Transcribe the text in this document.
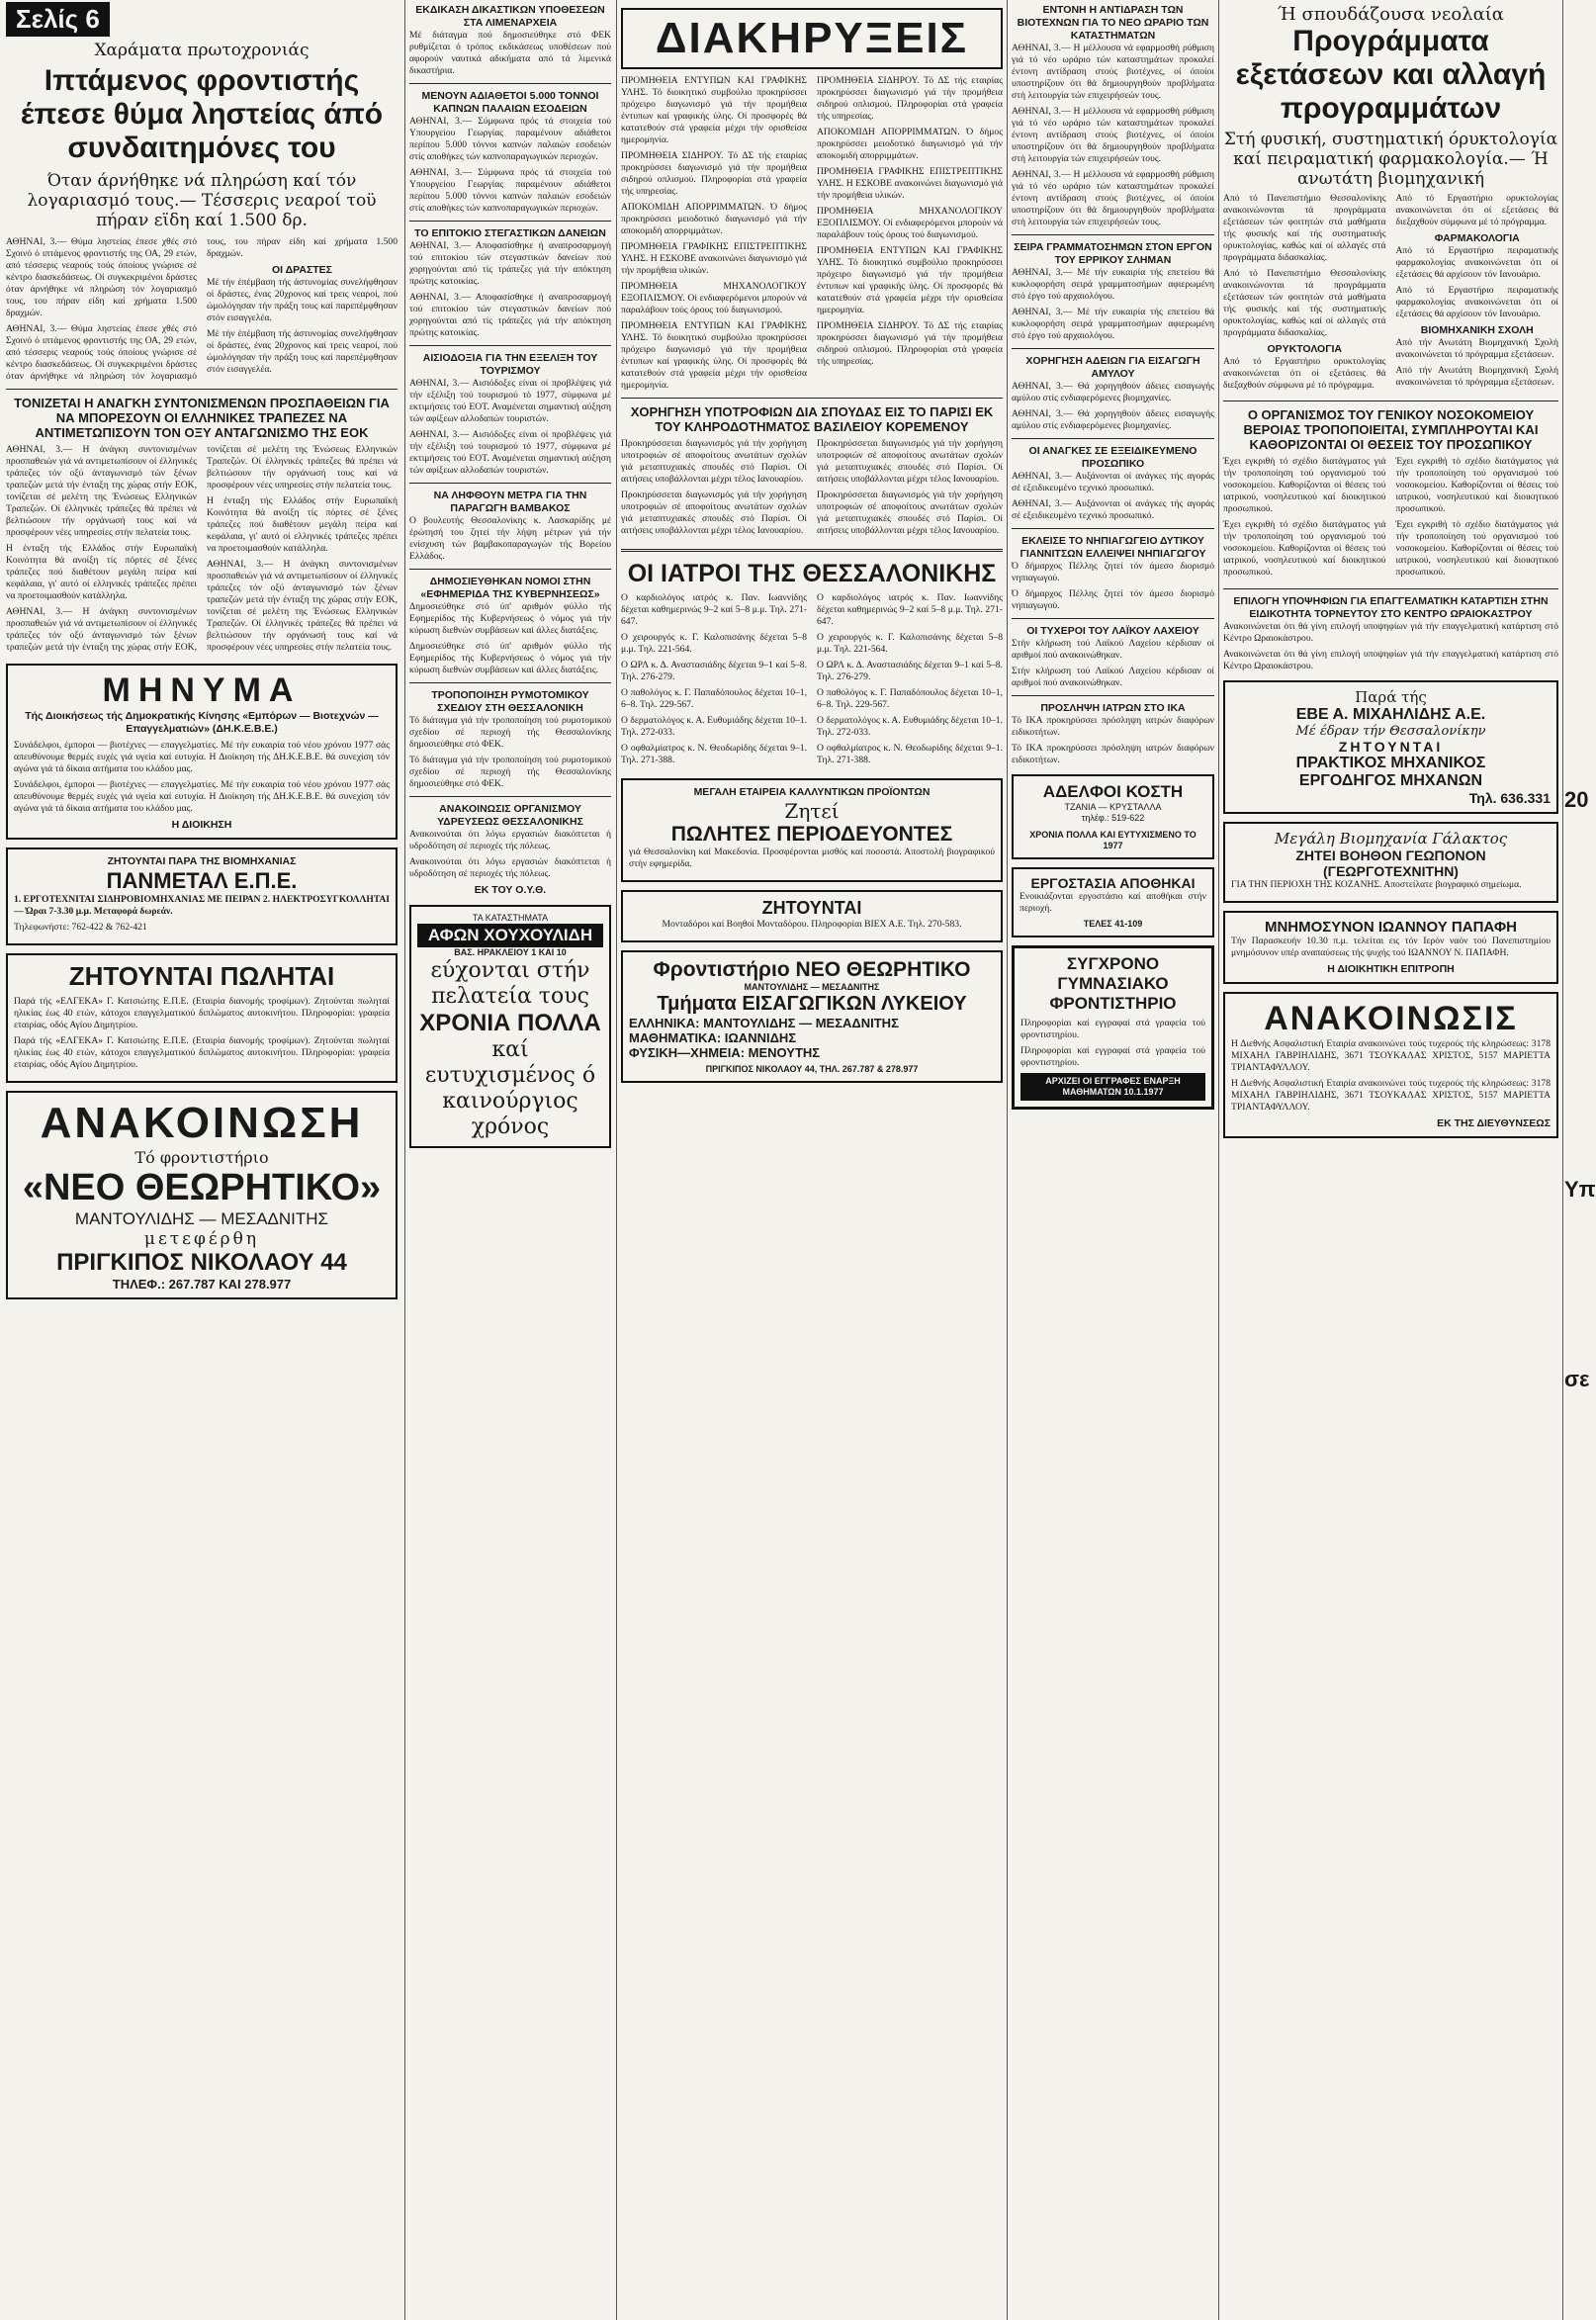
Σελίς 6
Χαράματα πρωτοχρονιάς
Ιπτάμενος φροντιστής έπεσε θύμα ληστείας άπό συνδαιτημόνες του
Όταν άρνήθηκε νά πληρώση καί τόν λογαριασμό τους.— Τέσσερις νεαροί τοϋ πήραν εϊδη καί 1.500 δρ.

ΑΘΗΝΑΙ, 3.— Θύμα ληστείας έπεσε χθές στό Σχοινό ό ιπτάμενος φροντιστής της ΟΑ, 29 ετών, από τέσσερις νεαρούς τούς όποίους γνώρισε σέ κέντρο διασκεδάσεως. Οί συγκεκριμένοι δράστες όταν άρνήθηκε νά πληρώση τόν λογαριασμό τους, του πήραν είδη καί χρήματα 1.500 δραχμών.

ΑΘΗΝΑΙ, 3.— Θύμα ληστείας έπεσε χθές στό Σχοινό ό ιπτάμενος φροντιστής της ΟΑ, 29 ετών, από τέσσερις νεαρούς τούς όποίους γνώρισε σέ κέντρο διασκεδάσεως. Οί συγκεκριμένοι δράστες όταν άρνήθηκε νά πληρώση τόν λογαριασμό τους, του πήραν είδη καί χρήματα 1.500 δραχμών.

ΟΙ ΔΡΑΣΤΕΣ

Μέ τήν έπέμβαση τής άστυνομίας συνελήφθησαν οί δράστες, ένας 20χρονος καί τρεις νεαροί, πού ώμολόγησαν τήν πράξη τους καί παρεπέμφθησαν στόν εισαγγελέα.

Μέ τήν έπέμβαση τής άστυνομίας συνελήφθησαν οί δράστες, ένας 20χρονος καί τρεις νεαροί, πού ώμολόγησαν τήν πράξη τους καί παρεπέμφθησαν στόν εισαγγελέα.

ΤΟΝΙΖΕΤΑΙ Η ΑΝΑΓΚΗ ΣΥΝΤΟΝΙΣΜΕΝΩΝ ΠΡΟΣΠΑΘΕΙΩΝ ΓΙΑ ΝΑ ΜΠΟΡΕΣΟΥΝ ΟΙ ΕΛΛΗΝΙΚΕΣ ΤΡΑΠΕΖΕΣ ΝΑ ΑΝΤΙΜΕΤΩΠΙΣΟΥΝ ΤΟΝ ΟΞΥ ΑΝΤΑΓΩΝΙΣΜΟ ΤΗΣ ΕΟΚ

ΑΘΗΝΑΙ, 3.— Η άνάγκη συντονισμένων προσπαθειών γιά νά αντιμετωπίσουν οί έλληνικές τράπεζες τόν οξύ άνταγωνισμό τών ξένων τραπεζών μετά τήν ένταξη της χώρας στήν ΕΟΚ, τονίζεται σέ μελέτη της Ένώσεως Ελληνικών Τραπεζών. Οί έλληνικές τράπεζες θά πρέπει νά βελτιώσουν τήν οργάνωσή τους καί νά προσφέρουν νέες υπηρεσίες στήν πελατεία τους.

Η ένταξη τής Ελλάδος στήν Ευρωπαϊκή Κοινότητα θά ανοίξη τίς πόρτες σέ ξένες τράπεζες πού διαθέτουν μεγάλη πείρα καί κεφάλαια, γι' αυτό οί ελληνικές τράπεζες πρέπει να προετοιμασθούν κατάλληλα.

ΑΘΗΝΑΙ, 3.— Η άνάγκη συντονισμένων προσπαθειών γιά νά αντιμετωπίσουν οί έλληνικές τράπεζες τόν οξύ άνταγωνισμό τών ξένων τραπεζών μετά τήν ένταξη της χώρας στήν ΕΟΚ, τονίζεται σέ μελέτη της Ένώσεως Ελληνικών Τραπεζών. Οί έλληνικές τράπεζες θά πρέπει νά βελτιώσουν τήν οργάνωσή τους καί νά προσφέρουν νέες υπηρεσίες στήν πελατεία τους.

Η ένταξη τής Ελλάδος στήν Ευρωπαϊκή Κοινότητα θά ανοίξη τίς πόρτες σέ ξένες τράπεζες πού διαθέτουν μεγάλη πείρα καί κεφάλαια, γι' αυτό οί ελληνικές τράπεζες πρέπει να προετοιμασθούν κατάλληλα.

ΑΘΗΝΑΙ, 3.— Η άνάγκη συντονισμένων προσπαθειών γιά νά αντιμετωπίσουν οί έλληνικές τράπεζες τόν οξύ άνταγωνισμό τών ξένων τραπεζών μετά τήν ένταξη της χώρας στήν ΕΟΚ, τονίζεται σέ μελέτη της Ένώσεως Ελληνικών Τραπεζών. Οί έλληνικές τράπεζες θά πρέπει νά βελτιώσουν τήν οργάνωσή τους καί νά προσφέρουν νέες υπηρεσίες στήν πελατεία τους.

ΜΗΝΥΜΑ
Τής Διοικήσεως τής Δημοκρατικής Κίνησης «Εμπόρων — Βιοτεχνών — Επαγγελματιών» (ΔΗ.Κ.Ε.Β.Ε.)

Συνάδελφοι, έμποροι — βιοτέχνες — επαγγελματίες. Μέ τήν ευκαιρία τού νέου χρόνου 1977 σάς απευθύνουμε θερμές ευχές γιά υγεία καί ευτυχία. Η Διοίκηση τής ΔΗ.Κ.Ε.Β.Ε. θά συνεχίση τόν αγώνα γιά τά δίκαια αιτήματα του κλάδου μας.

Συνάδελφοι, έμποροι — βιοτέχνες — επαγγελματίες. Μέ τήν ευκαιρία τού νέου χρόνου 1977 σάς απευθύνουμε θερμές ευχές γιά υγεία καί ευτυχία. Η Διοίκηση τής ΔΗ.Κ.Ε.Β.Ε. θά συνεχίση τόν αγώνα γιά τά δίκαια αιτήματα του κλάδου μας.

Η ΔΙΟΙΚΗΣΗ
ΖΗΤΟΥΝΤΑΙ ΠΑΡΑ ΤΗΣ ΒΙΟΜΗΧΑΝΙΑΣ
ΠΑΝΜΕΤΑΛ Ε.Π.Ε.

1. ΕΡΓΟΤΕΧΝΙΤΑΙ ΣΙΔΗΡΟΒΙΟΜΗΧΑΝΙΑΣ ΜΕ ΠΕΙΡΑΝ 2. ΗΛΕΚΤΡΟΣΥΓΚΟΛΛΗΤΑΙ — Ώραι 7-3.30 μ.μ. Μεταφορά δωρεάν.

Τηλεφωνήστε: 762-422 & 762-421

ΖΗΤΟΥΝΤΑΙ ΠΩΛΗΤΑΙ

Παρά τής «ΕΛΓΕΚΑ» Γ. Κατσιώτης Ε.Π.Ε. (Εταιρία διανομής τροφίμων). Ζητούνται πωληταί ηλικίας έως 40 ετών, κάτοχοι επαγγελματικού διπλώματος αυτοκινήτου. Πληροφορίαι: γραφεία εταιρίας, οδός Αγίου Δημητρίου.

Παρά τής «ΕΛΓΕΚΑ» Γ. Κατσιώτης Ε.Π.Ε. (Εταιρία διανομής τροφίμων). Ζητούνται πωληταί ηλικίας έως 40 ετών, κάτοχοι επαγγελματικού διπλώματος αυτοκινήτου. Πληροφορίαι: γραφεία εταιρίας, οδός Αγίου Δημητρίου.

ΑΝΑΚΟΙΝΩΣΗ
Τό φροντιστήριο
«ΝΕΟ ΘΕΩΡΗΤΙΚΟ»
ΜΑΝΤΟΥΛΙΔΗΣ — ΜΕΣΑΔΝΙΤΗΣ
μετεφέρθη
ΠΡΙΓΚΙΠΟΣ ΝΙΚΟΛΑΟΥ 44
ΤΗΛΕΦ.: 267.787 ΚΑΙ 278.977
ΕΚΔΙΚΑΣΗ ΔΙΚΑΣΤΙΚΩΝ ΥΠΟΘΕΣΕΩΝ ΣΤΑ ΛΙΜΕΝΑΡΧΕΙΑ

Μέ διάταγμα πού δημοσιεύθηκε στό ΦΕΚ ρυθμίζεται ό τρόπος εκδικάσεως υποθέσεων πού αφορούν ναυτικά αδικήματα από τά λιμενικά δικαστήρια.

ΜΕΝΟΥΝ ΑΔΙΑΘΕΤΟΙ 5.000 ΤΟΝΝΟΙ ΚΑΠΝΩΝ ΠΑΛΑΙΩΝ ΕΣΟΔΕΙΩΝ

ΑΘΗΝΑΙ, 3.— Σύμφωνα πρός τά στοιχεία τού Υπουργείου Γεωργίας παραμένουν αδιάθετοι περίπου 5.000 τόννοι καπνών παλαιών εσοδειών στίς αποθήκες τών καπνοπαραγωγικών περιοχών.

ΑΘΗΝΑΙ, 3.— Σύμφωνα πρός τά στοιχεία τού Υπουργείου Γεωργίας παραμένουν αδιάθετοι περίπου 5.000 τόννοι καπνών παλαιών εσοδειών στίς αποθήκες τών καπνοπαραγωγικών περιοχών.

ΤΟ ΕΠΙΤΟΚΙΟ ΣΤΕΓΑΣΤΙΚΩΝ ΔΑΝΕΙΩΝ

ΑΘΗΝΑΙ, 3.— Αποφασίσθηκε ή αναπροσαρμογή τού επιτοκίου τών στεγαστικών δανείων πού χορηγούνται από τίς τράπεζες γιά τήν απόκτηση πρώτης κατοικίας.

ΑΘΗΝΑΙ, 3.— Αποφασίσθηκε ή αναπροσαρμογή τού επιτοκίου τών στεγαστικών δανείων πού χορηγούνται από τίς τράπεζες γιά τήν απόκτηση πρώτης κατοικίας.

ΑΙΣΙΟΔΟΞΙΑ ΓΙΑ ΤΗΝ ΕΞΕΛΙΞΗ ΤΟΥ ΤΟΥΡΙΣΜΟΥ

ΑΘΗΝΑΙ, 3.— Αισιόδοξες είναι οί προβλέψεις γιά τήν εξέλιξη τού τουρισμού τό 1977, σύμφωνα μέ εκτιμήσεις τού ΕΟΤ. Αναμένεται σημαντική αύξηση τών αφίξεων αλλοδαπών τουριστών.

ΑΘΗΝΑΙ, 3.— Αισιόδοξες είναι οί προβλέψεις γιά τήν εξέλιξη τού τουρισμού τό 1977, σύμφωνα μέ εκτιμήσεις τού ΕΟΤ. Αναμένεται σημαντική αύξηση τών αφίξεων αλλοδαπών τουριστών.

ΝΑ ΛΗΦΘΟΥΝ ΜΕΤΡΑ ΓΙΑ ΤΗΝ ΠΑΡΑΓΩΓΗ ΒΑΜΒΑΚΟΣ

Ο βουλευτής Θεσσαλονίκης κ. Λασκαρίδης μέ έρώτησή του ζητεί τήν λήψη μέτρων γιά τήν ενίσχυση τών βαμβακοπαραγωγών τής Βορείου Ελλάδος.

ΔΗΜΟΣΙΕΥΘΗΚΑΝ ΝΟΜΟΙ ΣΤΗΝ «ΕΦΗΜΕΡΙΔΑ ΤΗΣ ΚΥΒΕΡΝΗΣΕΩΣ»

Δημοσιεύθηκε στό ύπ' αριθμόν φύλλο τής Εφημερίδος τής Κυβερνήσεως ό νόμος γιά τήν κύρωση διεθνών συμβάσεων καί άλλες διατάξεις.

Δημοσιεύθηκε στό ύπ' αριθμόν φύλλο τής Εφημερίδος τής Κυβερνήσεως ό νόμος γιά τήν κύρωση διεθνών συμβάσεων καί άλλες διατάξεις.

ΤΡΟΠΟΠΟΙΗΣΗ ΡΥΜΟΤΟΜΙΚΟΥ ΣΧΕΔΙΟΥ ΣΤΗ ΘΕΣΣΑΛΟΝΙΚΗ

Τό διάταγμα γιά τήν τροποποίηση τού ρυμοτομικού σχεδίου σέ περιοχή τής Θεσσαλονίκης δημοσιεύθηκε στό ΦΕΚ.

Τό διάταγμα γιά τήν τροποποίηση τού ρυμοτομικού σχεδίου σέ περιοχή τής Θεσσαλονίκης δημοσιεύθηκε στό ΦΕΚ.

ΑΝΑΚΟΙΝΩΣΙΣ ΟΡΓΑΝΙΣΜΟΥ ΥΔΡΕΥΣΕΩΣ ΘΕΣΣΑΛΟΝΙΚΗΣ

Ανακοινούται ότι λόγω εργασιών διακόπτεται ή υδροδότηση σέ περιοχές τής πόλεως.

Ανακοινούται ότι λόγω εργασιών διακόπτεται ή υδροδότηση σέ περιοχές τής πόλεως.

ΕΚ ΤΟΥ Ο.Υ.Θ.
ΤΑ ΚΑΤΑΣΤΗΜΑΤΑ
ΑΦΩΝ ΧΟΥΧΟΥΛΙΔΗ
ΒΑΣ. ΗΡΑΚΛΕΙΟΥ 1 ΚΑΙ 10
εύχονται στήν πελατεία τους
ΧΡΟΝΙΑ ΠΟΛΛΑ
καί ευτυχισμένος ό καινούργιος χρόνος
ΔΙΑΚΗΡΥΞΕΙΣ

ΠΡΟΜΗΘΕΙΑ ΕΝΤΥΠΩΝ ΚΑΙ ΓΡΑΦΙΚΗΣ ΥΛΗΣ. Τό διοικητικό συμβούλιο προκηρύσσει πρόχειρο διαγωνισμό γιά τήν προμήθεια έντυπων καί γραφικής ύλης. Οί προσφορές θά κατατεθούν στά γραφεία μέχρι τήν ορισθείσα ημερομηνία.

ΠΡΟΜΗΘΕΙΑ ΣΙΔΗΡΟΥ. Τό ΔΣ τής εταιρίας προκηρύσσει διαγωνισμό γιά τήν προμήθεια σιδηρού οπλισμού. Πληροφορίαι στά γραφεία τής υπηρεσίας.

ΑΠΟΚΟΜΙΔΗ ΑΠΟΡΡΙΜΜΑΤΩΝ. Ό δήμος προκηρύσσει μειοδοτικό διαγωνισμό γιά τήν αποκομιδή απορριμμάτων.

ΠΡΟΜΗΘΕΙΑ ΓΡΑΦΙΚΗΣ ΕΠΙΣΤΡΕΠΤΙΚΗΣ ΥΛΗΣ. Η ΕΣΚΟΒΕ ανακοινώνει διαγωνισμό γιά τήν προμήθεια υλικών.

ΠΡΟΜΗΘΕΙΑ ΜΗΧΑΝΟΛΟΓΙΚΟΥ ΕΞΟΠΛΙΣΜΟΥ. Οί ενδιαφερόμενοι μπορούν νά παραλάβουν τούς όρους τού διαγωνισμού.

ΠΡΟΜΗΘΕΙΑ ΕΝΤΥΠΩΝ ΚΑΙ ΓΡΑΦΙΚΗΣ ΥΛΗΣ. Τό διοικητικό συμβούλιο προκηρύσσει πρόχειρο διαγωνισμό γιά τήν προμήθεια έντυπων καί γραφικής ύλης. Οί προσφορές θά κατατεθούν στά γραφεία μέχρι τήν ορισθείσα ημερομηνία.

ΠΡΟΜΗΘΕΙΑ ΣΙΔΗΡΟΥ. Τό ΔΣ τής εταιρίας προκηρύσσει διαγωνισμό γιά τήν προμήθεια σιδηρού οπλισμού. Πληροφορίαι στά γραφεία τής υπηρεσίας.

ΑΠΟΚΟΜΙΔΗ ΑΠΟΡΡΙΜΜΑΤΩΝ. Ό δήμος προκηρύσσει μειοδοτικό διαγωνισμό γιά τήν αποκομιδή απορριμμάτων.

ΠΡΟΜΗΘΕΙΑ ΓΡΑΦΙΚΗΣ ΕΠΙΣΤΡΕΠΤΙΚΗΣ ΥΛΗΣ. Η ΕΣΚΟΒΕ ανακοινώνει διαγωνισμό γιά τήν προμήθεια υλικών.

ΠΡΟΜΗΘΕΙΑ ΜΗΧΑΝΟΛΟΓΙΚΟΥ ΕΞΟΠΛΙΣΜΟΥ. Οί ενδιαφερόμενοι μπορούν νά παραλάβουν τούς όρους τού διαγωνισμού.

ΠΡΟΜΗΘΕΙΑ ΕΝΤΥΠΩΝ ΚΑΙ ΓΡΑΦΙΚΗΣ ΥΛΗΣ. Τό διοικητικό συμβούλιο προκηρύσσει πρόχειρο διαγωνισμό γιά τήν προμήθεια έντυπων καί γραφικής ύλης. Οί προσφορές θά κατατεθούν στά γραφεία μέχρι τήν ορισθείσα ημερομηνία.

ΠΡΟΜΗΘΕΙΑ ΣΙΔΗΡΟΥ. Τό ΔΣ τής εταιρίας προκηρύσσει διαγωνισμό γιά τήν προμήθεια σιδηρού οπλισμού. Πληροφορίαι στά γραφεία τής υπηρεσίας.

ΧΟΡΗΓΗΣΗ ΥΠΟΤΡΟΦΙΩΝ ΔΙΑ ΣΠΟΥΔΑΣ ΕΙΣ ΤΟ ΠΑΡΙΣΙ ΕΚ ΤΟΥ ΚΛΗΡΟΔΟΤΗΜΑΤΟΣ ΒΑΣΙΛΕΙΟΥ ΚΟΡΕΜΕΝΟΥ

Προκηρύσσεται διαγωνισμός γιά τήν χορήγηση υποτροφιών σέ αποφοίτους ανωτάτων σχολών γιά μεταπτυχιακές σπουδές στό Παρίσι. Οί αιτήσεις υποβάλλονται μέχρι τέλος Ιανουαρίου.

Προκηρύσσεται διαγωνισμός γιά τήν χορήγηση υποτροφιών σέ αποφοίτους ανωτάτων σχολών γιά μεταπτυχιακές σπουδές στό Παρίσι. Οί αιτήσεις υποβάλλονται μέχρι τέλος Ιανουαρίου.

Προκηρύσσεται διαγωνισμός γιά τήν χορήγηση υποτροφιών σέ αποφοίτους ανωτάτων σχολών γιά μεταπτυχιακές σπουδές στό Παρίσι. Οί αιτήσεις υποβάλλονται μέχρι τέλος Ιανουαρίου.

Προκηρύσσεται διαγωνισμός γιά τήν χορήγηση υποτροφιών σέ αποφοίτους ανωτάτων σχολών γιά μεταπτυχιακές σπουδές στό Παρίσι. Οί αιτήσεις υποβάλλονται μέχρι τέλος Ιανουαρίου.

ΟΙ ΙΑΤΡΟΙ ΤΗΣ ΘΕΣΣΑΛΟΝΙΚΗΣ

Ο καρδιολόγος ιατρός κ. Παν. Ιωαννίδης δέχεται καθημερινώς 9–2 καί 5–8 μ.μ. Τηλ. 271-647.

Ο χειρουργός κ. Γ. Καλοπισάνης δέχεται 5–8 μ.μ. Τηλ. 221-564.

Ο ΩΡΛ κ. Δ. Αναστασιάδης δέχεται 9–1 καί 5–8. Τηλ. 276-279.

Ο παθολόγος κ. Γ. Παπαδόπουλος δέχεται 10–1, 6–8. Τηλ. 229-567.

Ο δερματολόγος κ. Α. Ευθυμιάδης δέχεται 10–1. Τηλ. 272-033.

Ο οφθαλμίατρος κ. Ν. Θεοδωρίδης δέχεται 9–1. Τηλ. 271-388.

Ο καρδιολόγος ιατρός κ. Παν. Ιωαννίδης δέχεται καθημερινώς 9–2 καί 5–8 μ.μ. Τηλ. 271-647.

Ο χειρουργός κ. Γ. Καλοπισάνης δέχεται 5–8 μ.μ. Τηλ. 221-564.

Ο ΩΡΛ κ. Δ. Αναστασιάδης δέχεται 9–1 καί 5–8. Τηλ. 276-279.

Ο παθολόγος κ. Γ. Παπαδόπουλος δέχεται 10–1, 6–8. Τηλ. 229-567.

Ο δερματολόγος κ. Α. Ευθυμιάδης δέχεται 10–1. Τηλ. 272-033.

Ο οφθαλμίατρος κ. Ν. Θεοδωρίδης δέχεται 9–1. Τηλ. 271-388.

ΜΕΓΑΛΗ ΕΤΑΙΡΕΙΑ ΚΑΛΛΥΝΤΙΚΩΝ ΠΡΟΪΟΝΤΩΝ
Ζητεί
ΠΩΛΗΤΕΣ ΠΕΡΙΟΔΕΥΟΝΤΕΣ

γιά Θεσσαλονίκη καί Μακεδονία. Προσφέρονται μισθός καί ποσοστά. Αποστολή βιογραφικού στήν εφημερίδα.

ΖΗΤΟΥΝΤΑΙ

Μονταδόροι καί Βοηθοί Μονταδόρου. Πληροφορίαι ΒΙΕΧ Α.Ε. Τηλ. 270-583.

Φροντιστήριο ΝΕΟ ΘΕΩΡΗΤΙΚΟ
ΜΑΝΤΟΥΛΙΔΗΣ — ΜΕΣΑΔΝΙΤΗΣ
Τμήματα ΕΙΣΑΓΩΓΙΚΩΝ ΛΥΚΕΙΟΥ
ΕΛΛΗΝΙΚΑ: ΜΑΝΤΟΥΛΙΔΗΣ — ΜΕΣΑΔΝΙΤΗΣ
ΜΑΘΗΜΑΤΙΚΑ: ΙΩΑΝΝΙΔΗΣ
ΦΥΣΙΚΗ—ΧΗΜΕΙΑ: ΜΕΝΟΥΤΗΣ
ΠΡΙΓΚΙΠΟΣ ΝΙΚΟΛΑΟΥ 44, ΤΗΛ. 267.787 & 278.977
ΕΝΤΟΝΗ Η ΑΝΤΙΔΡΑΣΗ ΤΩΝ ΒΙΟΤΕΧΝΩΝ ΓΙΑ ΤΟ ΝΕΟ ΩΡΑΡΙΟ ΤΩΝ ΚΑΤΑΣΤΗΜΑΤΩΝ

ΑΘΗΝΑΙ, 3.— Η μέλλουσα νά εφαρμοσθή ρύθμιση γιά τό νέο ωράριο τών καταστημάτων προκαλεί έντονη αντίδραση στούς βιοτέχνες, οί όποίοι υποστηρίζουν ότι θά δημιουργηθούν προβλήματα στή λειτουργία τών επιχειρήσεών τους.

ΑΘΗΝΑΙ, 3.— Η μέλλουσα νά εφαρμοσθή ρύθμιση γιά τό νέο ωράριο τών καταστημάτων προκαλεί έντονη αντίδραση στούς βιοτέχνες, οί όποίοι υποστηρίζουν ότι θά δημιουργηθούν προβλήματα στή λειτουργία τών επιχειρήσεών τους.

ΑΘΗΝΑΙ, 3.— Η μέλλουσα νά εφαρμοσθή ρύθμιση γιά τό νέο ωράριο τών καταστημάτων προκαλεί έντονη αντίδραση στούς βιοτέχνες, οί όποίοι υποστηρίζουν ότι θά δημιουργηθούν προβλήματα στή λειτουργία τών επιχειρήσεών τους.

ΣΕΙΡΑ ΓΡΑΜΜΑΤΟΣΗΜΩΝ ΣΤΟΝ ΕΡΓΟΝ ΤΟΥ ΕΡΡΙΚΟΥ ΣΛΗΜΑΝ

ΑΘΗΝΑΙ, 3.— Μέ τήν ευκαιρία τής επετείου θά κυκλοφορήση σειρά γραμματοσήμων αφιερωμένη στό έργο τού αρχαιολόγου.

ΑΘΗΝΑΙ, 3.— Μέ τήν ευκαιρία τής επετείου θά κυκλοφορήση σειρά γραμματοσήμων αφιερωμένη στό έργο τού αρχαιολόγου.

ΧΟΡΗΓΗΣΗ ΑΔΕΙΩΝ ΓΙΑ ΕΙΣΑΓΩΓΗ ΑΜΥΛΟΥ

ΑΘΗΝΑΙ, 3.— Θά χορηγηθούν άδειες εισαγωγής αμύλου στίς ενδιαφερόμενες βιομηχανίες.

ΑΘΗΝΑΙ, 3.— Θά χορηγηθούν άδειες εισαγωγής αμύλου στίς ενδιαφερόμενες βιομηχανίες.

ΟΙ ΑΝΑΓΚΕΣ ΣΕ ΕΞΕΙΔΙΚΕΥΜΕΝΟ ΠΡΟΣΩΠΙΚΟ

ΑΘΗΝΑΙ, 3.— Αυξάνονται οί ανάγκες τής αγοράς σέ εξειδικευμένο τεχνικό προσωπικό.

ΑΘΗΝΑΙ, 3.— Αυξάνονται οί ανάγκες τής αγοράς σέ εξειδικευμένο τεχνικό προσωπικό.

ΕΚΛΕΙΣΕ ΤΟ ΝΗΠΙΑΓΩΓΕΙΟ ΔΥΤΙΚΟΥ ΓΙΑΝΝΙΤΣΩΝ ΕΛΛΕΙΨΕΙ ΝΗΠΙΑΓΩΓΟΥ

Ό δήμαρχος Πέλλης ζητεί τόν άμεσο διορισμό νηπιαγωγού.

Ό δήμαρχος Πέλλης ζητεί τόν άμεσο διορισμό νηπιαγωγού.

ΟΙ ΤΥΧΕΡΟΙ ΤΟΥ ΛΑΪΚΟΥ ΛΑΧΕΙΟΥ

Στήν κλήρωση τού Λαϊκού Λαχείου κέρδισαν οί αριθμοί πού ανακοινώθηκαν.

Στήν κλήρωση τού Λαϊκού Λαχείου κέρδισαν οί αριθμοί πού ανακοινώθηκαν.

ΠΡΟΣΛΗΨΗ ΙΑΤΡΩΝ ΣΤΟ ΙΚΑ

Τό ΙΚΑ προκηρύσσει πρόσληψη ιατρών διαφόρων ειδικοτήτων.

Τό ΙΚΑ προκηρύσσει πρόσληψη ιατρών διαφόρων ειδικοτήτων.

ΑΔΕΛΦΟΙ ΚΟΣΤΗ
ΤΖΑΝΙΑ — ΚΡΥΣΤΑΛΛΑ
τηλέφ.: 519-622
ΧΡΟΝΙΑ ΠΟΛΛΑ ΚΑΙ ΕΥΤΥΧΙΣΜΕΝΟ ΤΟ 1977
ΕΡΓΟΣΤΑΣΙΑ ΑΠΟΘΗΚΑΙ

Ενοικιάζονται εργοστάσιο καί αποθήκαι στήν περιοχή.

ΤΕΛΕΣ 41-109
ΣΥΓΧΡΟΝΟ ΓΥΜΝΑΣΙΑΚΟ ΦΡΟΝΤΙΣΤΗΡΙΟ

Πληροφορίαι καί εγγραφαί στά γραφεία τού φροντιστηρίου.

Πληροφορίαι καί εγγραφαί στά γραφεία τού φροντιστηρίου.

ΑΡΧΙΖΕΙ ΟΙ ΕΓΓΡΑΦΕΣ ΕΝΑΡΞΗ ΜΑΘΗΜΑΤΩΝ 10.1.1977
Ή σπουδάζουσα νεολαία
Προγράμματα εξετάσεων και αλλαγή προγραμμάτων
Στή φυσική, συστηματική όρυκτολογία καί πειραματική φαρμακολογία.— Ή ανωτάτη βιομηχανική

Από τό Πανεπιστήμιο Θεσσαλονίκης ανακοινώνονται τά προγράμματα εξετάσεων τών φοιτητών στά μαθήματα τής φυσικής καί τής συστηματικής ορυκτολογίας, καθώς καί οί αλλαγές στά προγράμματα διδασκαλίας.

Από τό Πανεπιστήμιο Θεσσαλονίκης ανακοινώνονται τά προγράμματα εξετάσεων τών φοιτητών στά μαθήματα τής φυσικής καί τής συστηματικής ορυκτολογίας, καθώς καί οί αλλαγές στά προγράμματα διδασκαλίας.

ΟΡΥΚΤΟΛΟΓΙΑ

Από τό Εργαστήριο ορυκτολογίας ανακοινώνεται ότι οί εξετάσεις θά διεξαχθούν σύμφωνα μέ τό πρόγραμμα.

Από τό Εργαστήριο ορυκτολογίας ανακοινώνεται ότι οί εξετάσεις θά διεξαχθούν σύμφωνα μέ τό πρόγραμμα.

ΦΑΡΜΑΚΟΛΟΓΙΑ

Από τό Εργαστήριο πειραματικής φαρμακολογίας ανακοινώνεται ότι οί εξετάσεις θά αρχίσουν τόν Ιανουάριο.

Από τό Εργαστήριο πειραματικής φαρμακολογίας ανακοινώνεται ότι οί εξετάσεις θά αρχίσουν τόν Ιανουάριο.

ΒΙΟΜΗΧΑΝΙΚΗ ΣΧΟΛΗ

Από τήν Ανωτάτη Βιομηχανική Σχολή ανακοινώνεται τό πρόγραμμα εξετάσεων.

Από τήν Ανωτάτη Βιομηχανική Σχολή ανακοινώνεται τό πρόγραμμα εξετάσεων.

Ο ΟΡΓΑΝΙΣΜΟΣ ΤΟΥ ΓΕΝΙΚΟΥ ΝΟΣΟΚΟΜΕΙΟΥ ΒΕΡΟΙΑΣ ΤΡΟΠΟΠΟΙΕΙΤΑΙ, ΣΥΜΠΛΗΡΟΥΤΑΙ ΚΑΙ ΚΑΘΟΡΙΖΟΝΤΑΙ ΟΙ ΘΕΣΕΙΣ ΤΟΥ ΠΡΟΣΩΠΙΚΟΥ

Έχει εγκριθή τό σχέδιο διατάγματος γιά τήν τροποποίηση τού οργανισμού τού νοσοκομείου. Καθορίζονται οί θέσεις τού ιατρικού, νοσηλευτικού καί διοικητικού προσωπικού.

Έχει εγκριθή τό σχέδιο διατάγματος γιά τήν τροποποίηση τού οργανισμού τού νοσοκομείου. Καθορίζονται οί θέσεις τού ιατρικού, νοσηλευτικού καί διοικητικού προσωπικού.

Έχει εγκριθή τό σχέδιο διατάγματος γιά τήν τροποποίηση τού οργανισμού τού νοσοκομείου. Καθορίζονται οί θέσεις τού ιατρικού, νοσηλευτικού καί διοικητικού προσωπικού.

Έχει εγκριθή τό σχέδιο διατάγματος γιά τήν τροποποίηση τού οργανισμού τού νοσοκομείου. Καθορίζονται οί θέσεις τού ιατρικού, νοσηλευτικού καί διοικητικού προσωπικού.

ΕΠΙΛΟΓΗ ΥΠΟΨΗΦΙΩΝ ΓΙΑ ΕΠΑΓΓΕΛΜΑΤΙΚΗ ΚΑΤΑΡΤΙΣΗ ΣΤΗΝ ΕΙΔΙΚΟΤΗΤΑ ΤΟΡΝΕΥΤΟΥ ΣΤΟ ΚΕΝΤΡΟ ΩΡΑΙΟΚΑΣΤΡΟΥ

Ανακοινώνεται ότι θά γίνη επιλογή υποψηφίων γιά τήν επαγγελματική κατάρτιση στό Κέντρο Ωραιοκάστρου.

Ανακοινώνεται ότι θά γίνη επιλογή υποψηφίων γιά τήν επαγγελματική κατάρτιση στό Κέντρο Ωραιοκάστρου.

Παρά τής
ΕΒΕ Α. ΜΙΧΑΗΛΙΔΗΣ Α.Ε.
Μέ έδραν τήν Θεσσαλονίκην
ΖΗΤΟΥΝΤΑΙ
ΠΡΑΚΤΙΚΟΣ ΜΗΧΑΝΙΚΟΣ
ΕΡΓΟΔΗΓΟΣ ΜΗΧΑΝΩΝ
Τηλ. 636.331
Μεγάλη Βιομηχανία Γάλακτος
ΖΗΤΕΙ ΒΟΗΘΟΝ ΓΕΩΠΟΝΟΝ (ΓΕΩΡΓΟΤΕΧΝΙΤΗΝ)

ΓΙΑ ΤΗΝ ΠΕΡΙΟΧΗ ΤΗΣ ΚΟΖΑΝΗΣ. Αποστείλατε βιογραφικό σημείωμα.

ΜΝΗΜΟΣΥΝΟΝ ΙΩΑΝΝΟΥ ΠΑΠΑΦΗ

Τήν Παρασκευήν 10.30 π.μ. τελείται εις τόν Ιερόν ναόν τού Πανεπιστημίου μνημόσυνον υπέρ αναπαύσεως τής ψυχής τού ΙΩΑΝΝΟΥ Ν. ΠΑΠΑΦΗ.

Η ΔΙΟΙΚΗΤΙΚΗ ΕΠΙΤΡΟΠΗ
ΑΝΑΚΟΙΝΩΣΙΣ

Η Διεθνής Ασφαλιστική Εταιρία ανακοινώνει τούς τυχερούς τής κληρώσεως: 3178 ΜΙΧΑΗΛ ΓΑΒΡΙΗΛΙΔΗΣ, 3671 ΤΣΟΥΚΑΛΑΣ ΧΡΙΣΤΟΣ, 5157 ΜΑΡΙΕΤΤΑ ΤΡΙΑΝΤΑΦΥΛΛΟΥ.

Η Διεθνής Ασφαλιστική Εταιρία ανακοινώνει τούς τυχερούς τής κληρώσεως: 3178 ΜΙΧΑΗΛ ΓΑΒΡΙΗΛΙΔΗΣ, 3671 ΤΣΟΥΚΑΛΑΣ ΧΡΙΣΤΟΣ, 5157 ΜΑΡΙΕΤΤΑ ΤΡΙΑΝΤΑΦΥΛΛΟΥ.

ΕΚ ΤΗΣ ΔΙΕΥΘΥΝΣΕΩΣ
Υπ
20
σε
